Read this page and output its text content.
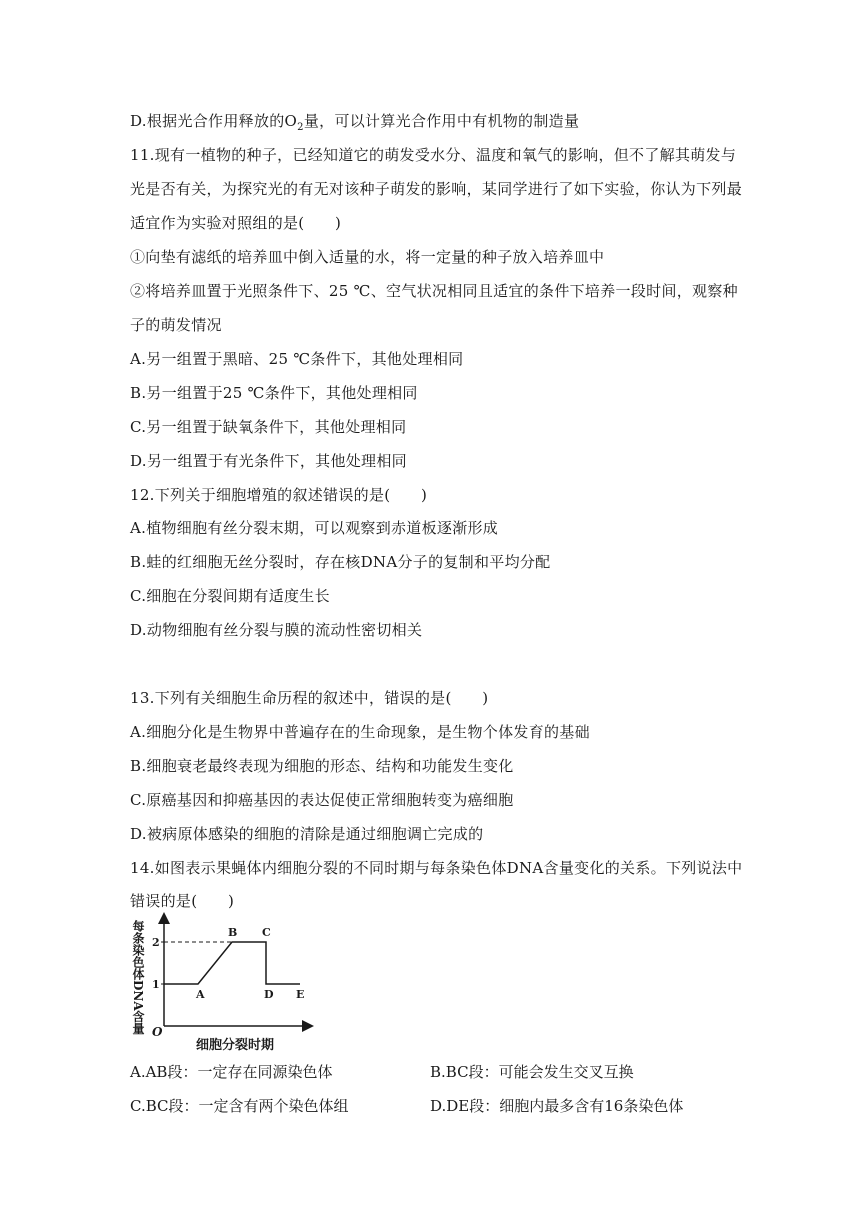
D.根据光合作用释放的$O_2$量，可以计算光合作用中有机物的制造量
11.现有一植物的种子，已经知道它的萌发受水分、温度和氧气的影响，但不了解其萌发与
光是否有关，为探究光的有无对该种子萌发的影响，某同学进行了如下实验，你认为下列最
适宜作为实验对照组的是(　　)
①向垫有滤纸的培养皿中倒入适量的水，将一定量的种子放入培养皿中
②将培养皿置于光照条件下、25 ℃、空气状况相同且适宜的条件下培养一段时间，观察种
子的萌发情况
A.另一组置于黑暗、25 ℃条件下，其他处理相同
B.另一组置于25 ℃条件下，其他处理相同
C.另一组置于缺氧条件下，其他处理相同
D.另一组置于有光条件下，其他处理相同
12.下列关于细胞增殖的叙述错误的是(　　)
A.植物细胞有丝分裂末期，可以观察到赤道板逐渐形成
B.蛙的红细胞无丝分裂时，存在核DNA分子的复制和平均分配
C.细胞在分裂间期有适度生长
D.动物细胞有丝分裂与膜的流动性密切相关
13.下列有关细胞生命历程的叙述中，错误的是(　　)
A.细胞分化是生物界中普遍存在的生命现象，是生物个体发育的基础
B.细胞衰老最终表现为细胞的形态、结构和功能发生变化
C.原癌基因和抑癌基因的表达促使正常细胞转变为癌细胞
D.被病原体感染的细胞的清除是通过细胞调亡完成的
14.如图表示果蝇体内细胞分裂的不同时期与每条染色体DNA含量变化的关系。下列说法中
错误的是(　　)
每条染色体DNA含量 O
1
2
A
B C
D E
细胞分裂时期
A.AB段：一定存在同源染色体	B.BC段：可能会发生交叉互换
C.BC段：一定含有两个染色体组	D.DE段：细胞内最多含有16条染色体
